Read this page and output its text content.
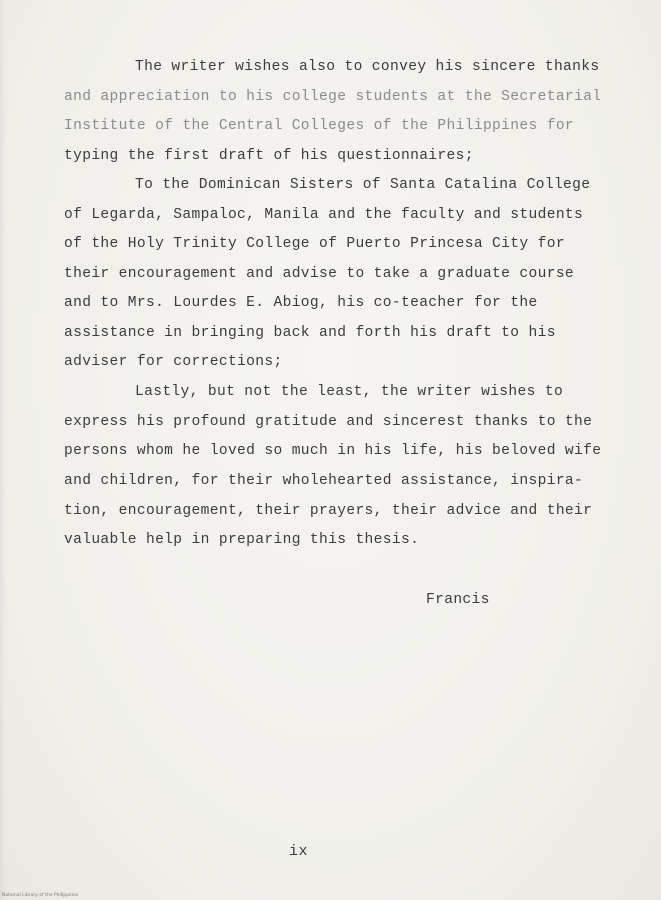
The writer wishes also to convey his sincere thanks
and appreciation to his college students at the Secretarial
Institute of the Central Colleges of the Philippines for
typing the first draft of his questionnaires;
To the Dominican Sisters of Santa Catalina College
of Legarda, Sampaloc, Manila and the faculty and students
of the Holy Trinity College of Puerto Princesa City for
their encouragement and advise to take a graduate course
and to Mrs. Lourdes E. Abiog, his co-teacher for the
assistance in bringing back and forth his draft to his
adviser for corrections;
Lastly, but not the least, the writer wishes to
express his profound gratitude and sincerest thanks to the
persons whom he loved so much in his life, his beloved wife
and children, for their wholehearted assistance, inspira-
tion, encouragement, their prayers, their advice and their
valuable help in preparing this thesis.
Francis
ix
National Library of the Philippines
